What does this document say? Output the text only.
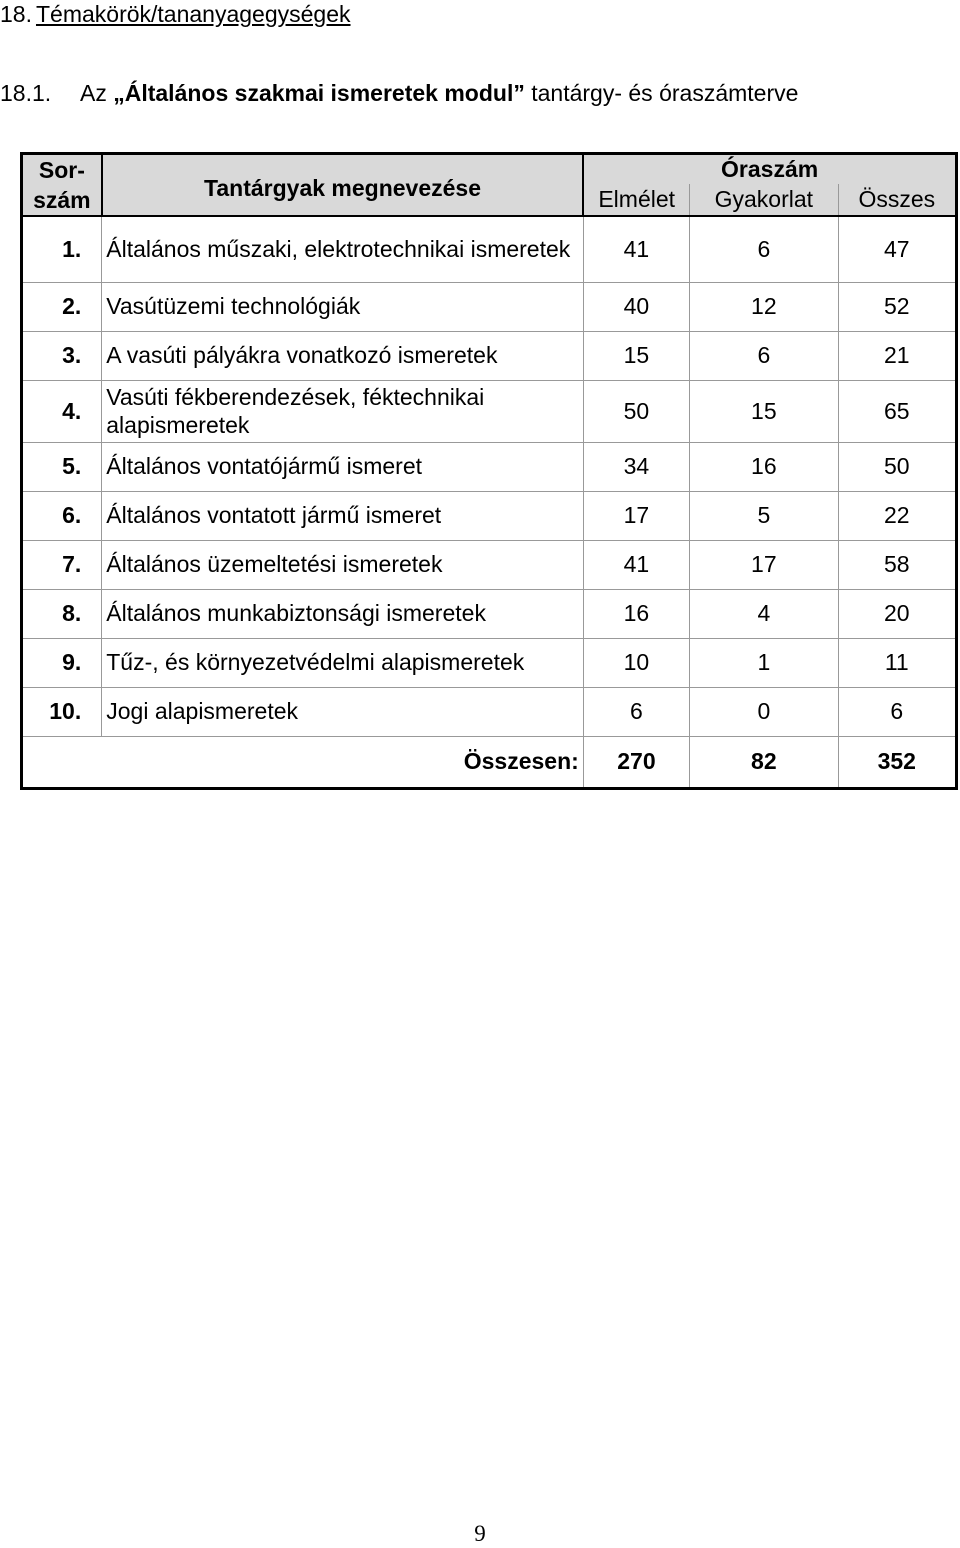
18. Témakörök/tananyagegységek
18.1. Az „Általános szakmai ismeretek modul” tantárgy- és óraszámterve
Sor-
szám	Tantárgyak megnevezése	Óraszám		
		Elmélet	Gyakorlat	Összes
1.	Általános műszaki, elektrotechnikai ismeretek	41	6	47
2.	Vasútüzemi technológiák	40	12	52
3.	A vasúti pályákra vonatkozó ismeretek	15	6	21
4.	Vasúti fékberendezések, féktechnikai alapismeretek	50	15	65
5.	Általános vontatójármű ismeret	34	16	50
6.	Általános vontatott jármű ismeret	17	5	22
7.	Általános üzemeltetési ismeretek	41	17	58
8.	Általános munkabiztonsági ismeretek	16	4	20
9.	Tűz-, és környezetvédelmi alapismeretek	10	1	11
10.	Jogi alapismeretek	6	0	6
Összesen:		270	82	352
9
